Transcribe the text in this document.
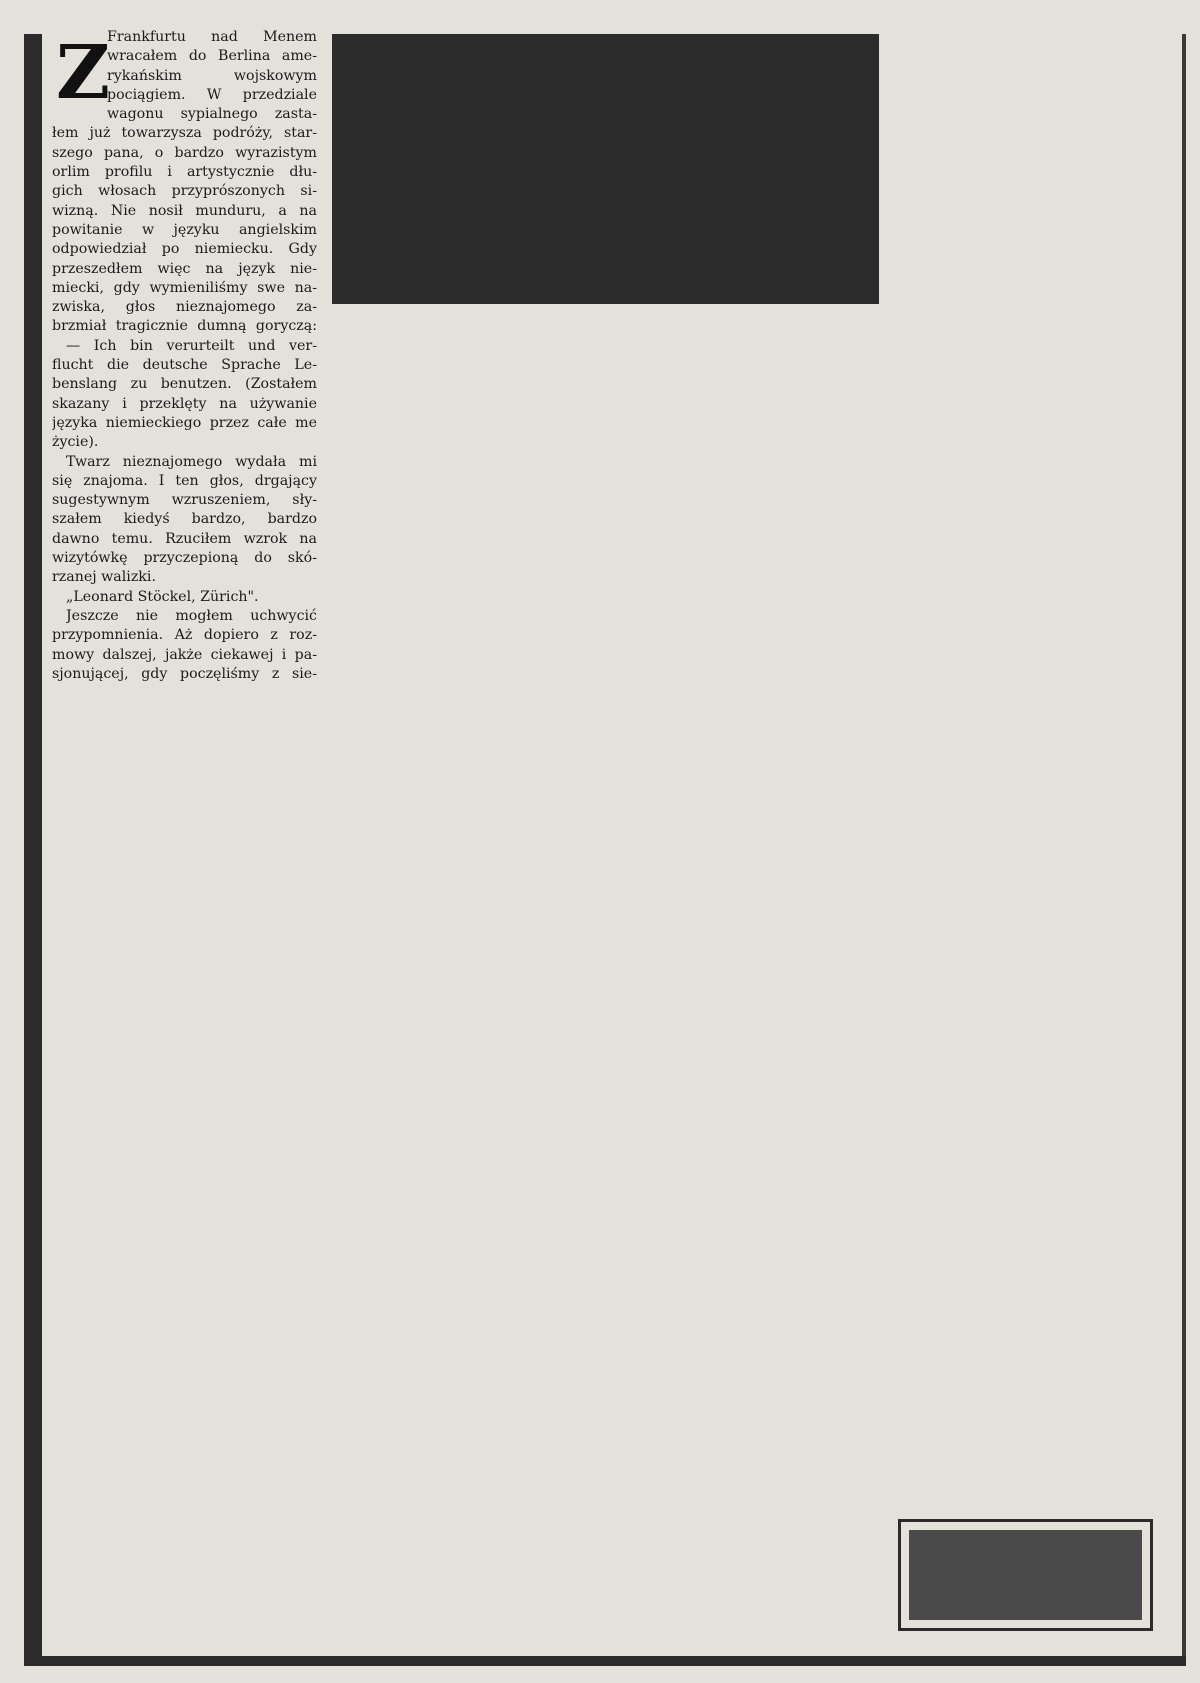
Z
Frankfurtu nad Menem
wracałem do Berlina ame-
rykańskim wojskowym
pociągiem. W przedziale
wagonu sypialnego zasta-
łem już towarzysza podróży, star-
szego pana, o bardzo wyrazistym
orlim profilu i artystycznie dłu-
gich włosach przyprószonych si-
wizną. Nie nosił munduru, a na
powitanie w języku angielskim
odpowiedział po niemiecku. Gdy
przeszedłem więc na język nie-
miecki, gdy wymieniliśmy swe na-
zwiska, głos nieznajomego za-
brzmiał tragicznie dumną goryczą:
— Ich bin verurteilt und ver-
flucht die deutsche Sprache Le-
benslang zu benutzen. (Zostałem
skazany i przeklęty na używanie
języka niemieckiego przez całe me
życie).
Twarz nieznajomego wydała mi
się znajoma. I ten głos, drgający
sugestywnym wzruszeniem, sły-
szałem kiedyś bardzo, bardzo
dawno temu. Rzuciłem wzrok na
wizytówkę przyczepioną do skó-
rzanej walizki.
„Leonard Stöckel, Zürich".
Jeszcze nie mogłem uchwycić
przypomnienia. Aż dopiero z roz-
mowy dalszej, jakże ciekawej i pa-
sjonującej, gdy poczęliśmy z sie-
